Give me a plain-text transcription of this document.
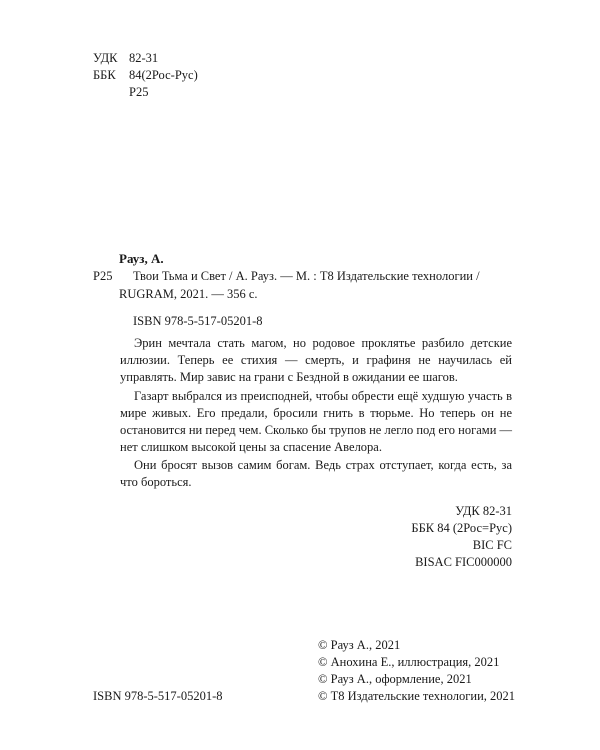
УДК 82-31
ББК 84(2Рос-Рус)
Р25
Рауз, А.
Р25 Твои Тьма и Свет / А. Рауз. — М. : Т8 Издательские технологии /
RUGRAM, 2021. — 356 с.
ISBN 978-5-517-05201-8
Эрин мечтала стать магом, но родовое проклятье разбило детские иллюзии. Теперь ее стихия — смерть, и графиня не научилась ей управлять. Мир завис на грани с Бездной в ожидании ее шагов.
Газарт выбрался из преисподней, чтобы обрести ещё худшую участь в мире живых. Его предали, бросили гнить в тюрьме. Но теперь он не остановится ни перед чем. Сколько бы трупов не легло под его ногами — нет слишком высокой цены за спасение Авелора.
Они бросят вызов самим богам. Ведь страх отступает, когда есть, за что бороться.
УДК 82-31
ББК 84 (2Рос=Рус)
BIC FC
BISAC FIC000000
© Рауз А., 2021
© Анохина Е., иллюстрация, 2021
© Рауз А., оформление, 2021
ISBN 978-5-517-05201-8	© Т8 Издательские технологии, 2021
